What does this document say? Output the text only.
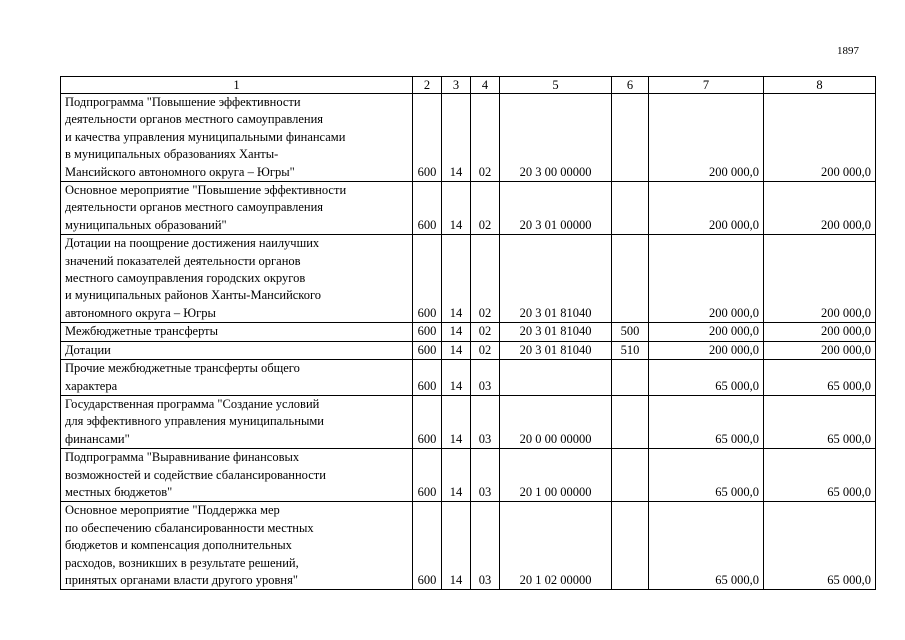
1897
1	2	3	4	5	6	7	8

Подпрограмма "Повышение эффективности
деятельности органов местного самоуправления
и качества управления муниципальными финансами
в муниципальных образованиях Ханты-
Мансийского автономного округа – Югры"	600	14	02	20 3 00 00000		200 000,0	200 000,0

Основное мероприятие "Повышение эффективности
деятельности органов местного самоуправления
муниципальных образований"	600	14	02	20 3 01 00000		200 000,0	200 000,0

Дотации на поощрение достижения наилучших
значений показателей деятельности органов
местного самоуправления городских округов
и муниципальных районов Ханты-Мансийского
автономного округа – Югры	600	14	02	20 3 01 81040		200 000,0	200 000,0

Межбюджетные трансферты	600	14	02	20 3 01 81040	500	200 000,0	200 000,0

Дотации	600	14	02	20 3 01 81040	510	200 000,0	200 000,0

Прочие межбюджетные трансферты общего
характера	600	14	03			65 000,0	65 000,0

Государственная программа "Создание условий
для эффективного управления муниципальными
финансами"	600	14	03	20 0 00 00000		65 000,0	65 000,0

Подпрограмма "Выравнивание финансовых
возможностей и содействие сбалансированности
местных бюджетов"	600	14	03	20 1 00 00000		65 000,0	65 000,0

Основное мероприятие "Поддержка мер
по обеспечению сбалансированности местных
бюджетов и компенсация дополнительных
расходов, возникших в результате решений,
принятых органами власти другого уровня"	600	14	03	20 1 02 00000		65 000,0	65 000,0
